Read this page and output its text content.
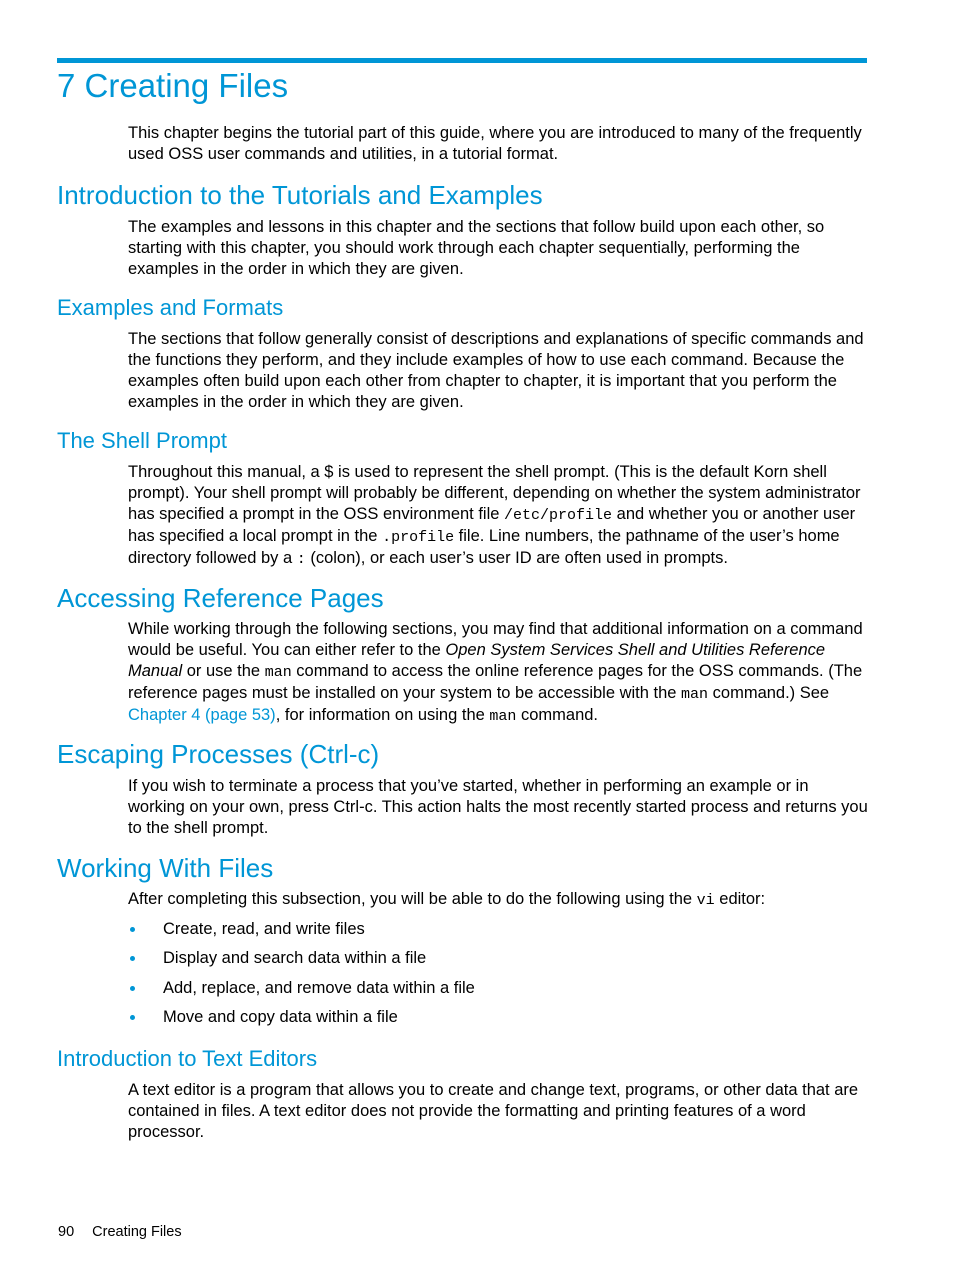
7 Creating Files

This chapter begins the tutorial part of this guide, where you are introduced to many of the frequently used OSS user commands and utilities, in a tutorial format.

Introduction to the Tutorials and Examples

The examples and lessons in this chapter and the sections that follow build upon each other, so starting with this chapter, you should work through each chapter sequentially, performing the examples in the order in which they are given.

Examples and Formats

The sections that follow generally consist of descriptions and explanations of specific commands and the functions they perform, and they include examples of how to use each command. Because the examples often build upon each other from chapter to chapter, it is important that you perform the examples in the order in which they are given.

The Shell Prompt

Throughout this manual, a $ is used to represent the shell prompt. (This is the default Korn shell prompt). Your shell prompt will probably be different, depending on whether the system administrator has specified a prompt in the OSS environment file /etc/profile and whether you or another user has specified a local prompt in the .profile file. Line numbers, the pathname of the user’s home directory followed by a : (colon), or each user’s user ID are often used in prompts.

Accessing Reference Pages

While working through the following sections, you may find that additional information on a command would be useful. You can either refer to the Open System Services Shell and Utilities Reference Manual or use the man command to access the online reference pages for the OSS commands. (The reference pages must be installed on your system to be accessible with the man command.) See Chapter 4 (page 53), for information on using the man command.

Escaping Processes (Ctrl-c)

If you wish to terminate a process that you’ve started, whether in performing an example or in working on your own, press Ctrl-c. This action halts the most recently started process and returns you to the shell prompt.

Working With Files

After completing this subsection, you will be able to do the following using the vi editor:

Create, read, and write files
Display and search data within a file
Add, replace, and remove data within a file
Move and copy data within a file
Introduction to Text Editors

A text editor is a program that allows you to create and change text, programs, or other data that are contained in files. A text editor does not provide the formatting and printing features of a word processor.

90 Creating Files
